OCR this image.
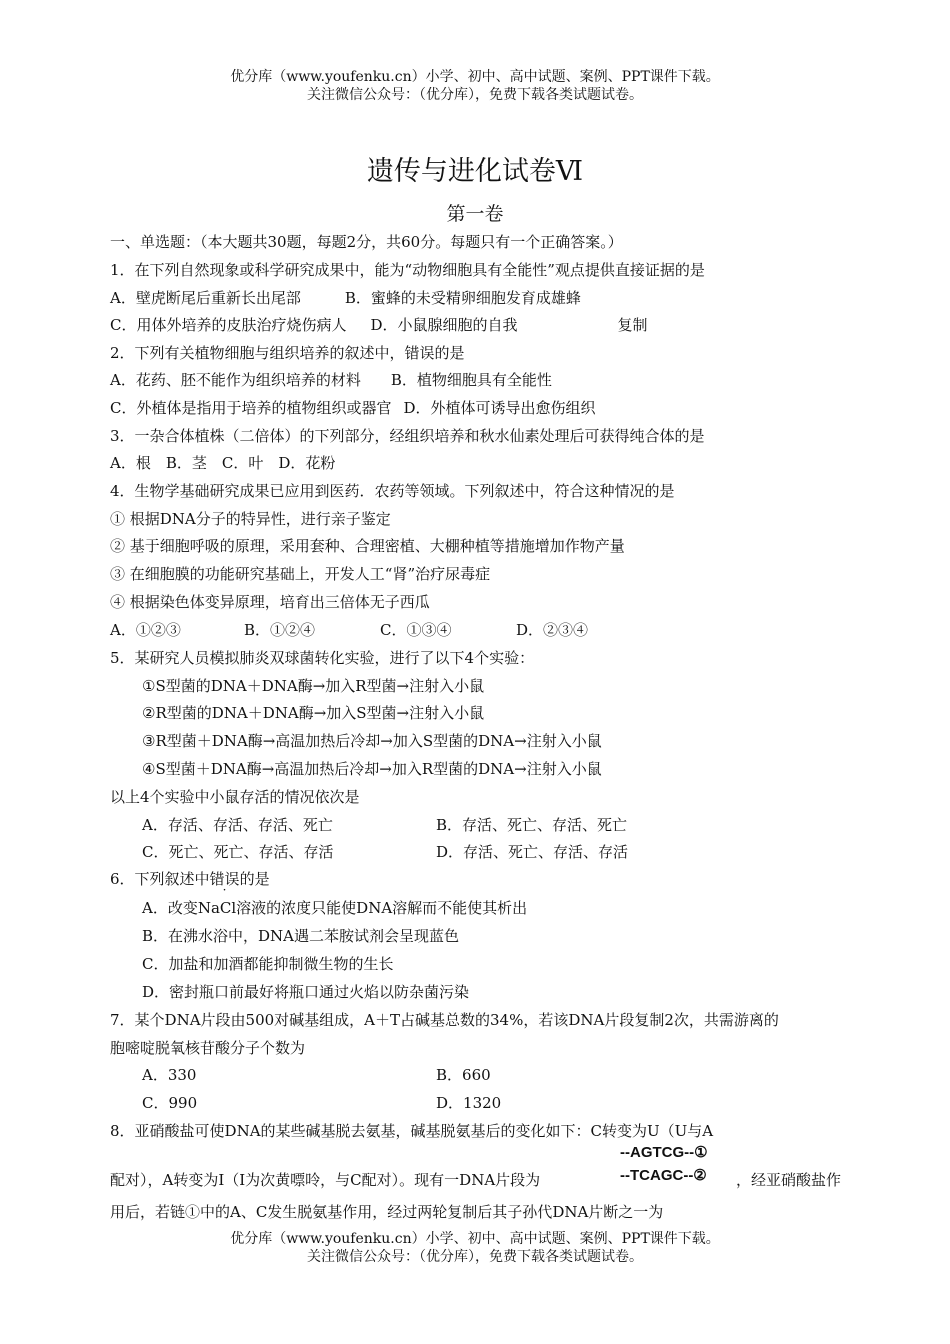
优分库（www.youfenku.cn）小学、初中、高中试题、案例、PPT课件下载。
关注微信公众号：（优分库），免费下载各类试题试卷。
遗传与进化试卷Ⅵ
第一卷
一、单选题：（本大题共30题，每题2分，共60分。每题只有一个正确答案。）
1．在下列自然现象或科学研究成果中，能为“动物细胞具有全能性”观点提供直接证据的是
A．壁虎断尾后重新长出尾部	B．蜜蜂的未受精卵细胞发育成雄蜂
C．用体外培养的皮肤治疗烧伤病人 D．小鼠腺细胞的自我	复制
2．下列有关植物细胞与组织培养的叙述中，错误的是
A．花药、胚不能作为组织培养的材料 B．植物细胞具有全能性
C．外植体是指用于培养的植物组织或器官 D．外植体可诱导出愈伤组织
3．一杂合体植株（二倍体）的下列部分，经组织培养和秋水仙素处理后可获得纯合体的是
A．根　B．茎　C．叶　D．花粉
4．生物学基础研究成果已应用到医药．农药等领域。下列叙述中，符合这种情况的是
① 根据DNA分子的特异性，进行亲子鉴定
② 基于细胞呼吸的原理，采用套种、合理密植、大棚种植等措施增加作物产量
③ 在细胞膜的功能研究基础上，开发人工“肾”治疗尿毒症
④ 根据染色体变异原理，培育出三倍体无子西瓜
A．①②③	B．①②④	C．①③④	D．②③④
5．某研究人员模拟肺炎双球菌转化实验，进行了以下4个实验：
①S型菌的DNA＋DNA酶→加入R型菌→注射入小鼠
②R型菌的DNA＋DNA酶→加入S型菌→注射入小鼠
③R型菌＋DNA酶→高温加热后冷却→加入S型菌的DNA→注射入小鼠
④S型菌＋DNA酶→高温加热后冷却→加入R型菌的DNA→注射入小鼠
以上4个实验中小鼠存活的情况依次是
A．存活、存活、存活、死亡	B．存活、死亡、存活、死亡
C．死亡、死亡、存活、存活	D．存活、死亡、存活、存活
6．下列叙述中错误的是
A．改变NaCl溶液的浓度只能使DNA溶解而不能使其析出
B．在沸水浴中，DNA遇二苯胺试剂会呈现蓝色
C．加盐和加酒都能抑制微生物的生长
D．密封瓶口前最好将瓶口通过火焰以防杂菌污染
7．某个DNA片段由500对碱基组成，A＋T占碱基总数的34%，若该DNA片段复制2次，共需游离的
胞嘧啶脱氧核苷酸分子个数为
A．330	B．660
C．990	D．1320
8．亚硝酸盐可使DNA的某些碱基脱去氨基，碱基脱氨基后的变化如下：C转变为U（U与A
--AGTCG--①
--TCAGC--②
配对），A转变为I（I为次黄嘌呤，与C配对）。现有一DNA片段为	，经亚硝酸盐作
用后，若链①中的A、C发生脱氨基作用，经过两轮复制后其子孙代DNA片断之一为
优分库（www.youfenku.cn）小学、初中、高中试题、案例、PPT课件下载。
关注微信公众号：（优分库），免费下载各类试题试卷。
